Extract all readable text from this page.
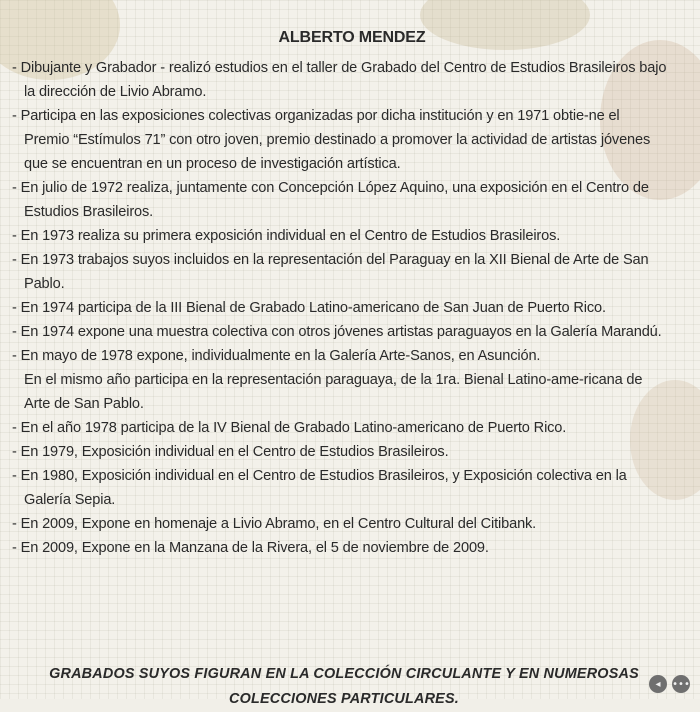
ALBERTO MENDEZ

- Dibujante y Grabador - realizó estudios en el taller de Grabado del Centro de Estudios Brasileiros bajo la dirección de Livio Abramo.

- Participa en las exposiciones colectivas organizadas por dicha institución y en 1971 obtie-ne el Premio “Estímulos 71” con otro joven, premio destinado a promover la actividad de artistas jóvenes que se encuentran en un proceso de investigación artística.

- En julio de 1972 realiza, juntamente con Concepción López Aquino, una exposición en el Centro de Estudios Brasileiros.

- En 1973 realiza su primera exposición individual en el Centro de Estudios Brasileiros.

- En 1973 trabajos suyos incluidos en la representación del Paraguay en la XII Bienal de Arte de San Pablo.

- En 1974 participa de la III Bienal de Grabado Latino-americano de San Juan de Puerto Rico.

- En 1974 expone una muestra colectiva con otros jóvenes artistas paraguayos en la Galería Marandú.

- En mayo de 1978 expone, individualmente en la Galería Arte-Sanos, en Asunción.

En el mismo año participa en la representación paraguaya, de la 1ra. Bienal Latino-ame-ricana de Arte de San Pablo.

- En el año 1978 participa de la IV Bienal de Grabado Latino-americano de Puerto Rico.

- En 1979, Exposición individual en el Centro de Estudios Brasileiros.

- En 1980, Exposición individual en el Centro de Estudios Brasileiros, y Exposición colectiva en la Galería Sepia.

- En 2009, Expone en homenaje a Livio Abramo, en el Centro Cultural del Citibank.

- En 2009, Expone en la Manzana de la Rivera, el 5 de noviembre de 2009.

GRABADOS SUYOS FIGURAN EN LA COLECCIÓN CIRCULANTE Y EN NUMEROSAS COLECCIONES PARTICULARES.

◂	•••
